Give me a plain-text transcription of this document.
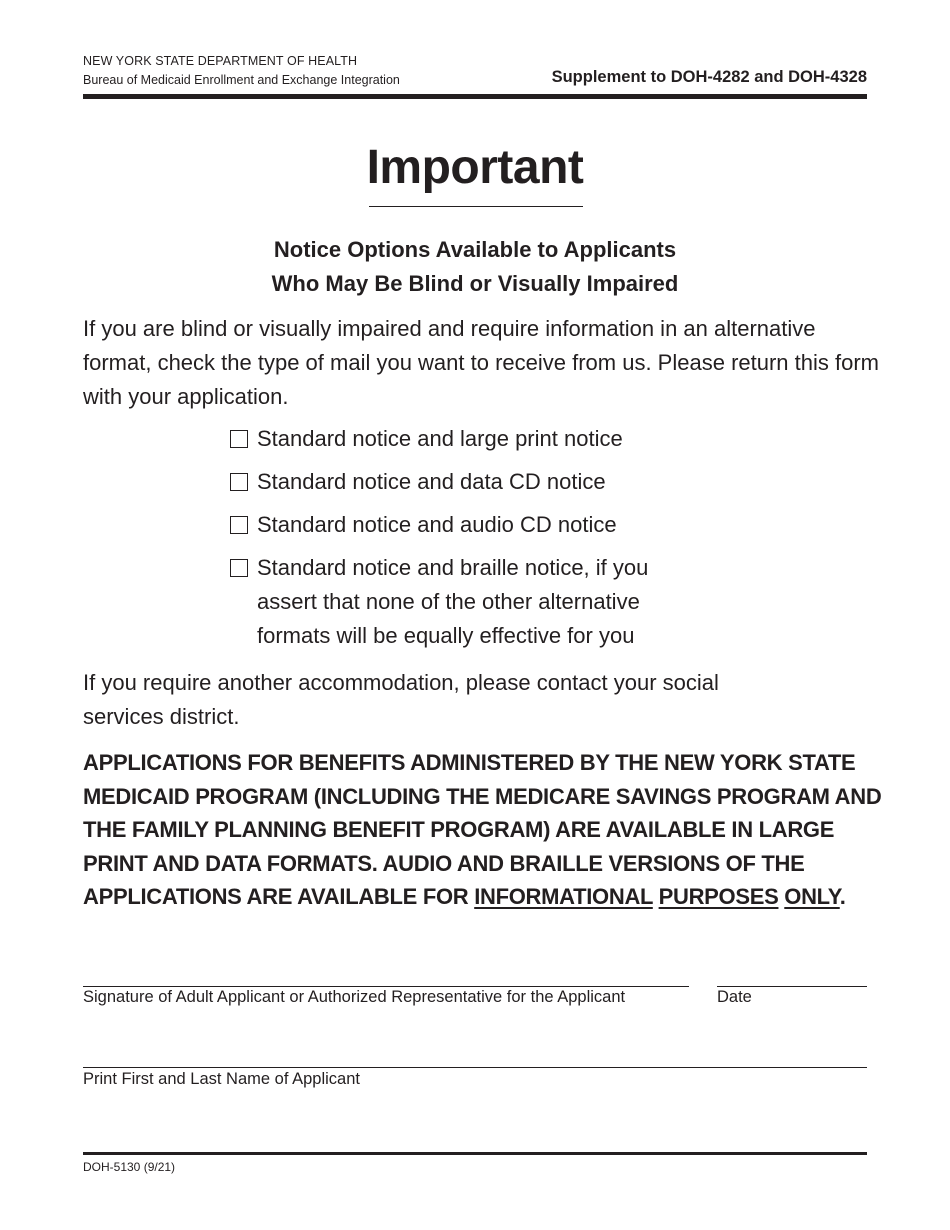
NEW YORK STATE DEPARTMENT OF HEALTH
Bureau of Medicaid Enrollment and Exchange Integration	Supplement to DOH-4282 and DOH-4328
Important
Notice Options Available to Applicants
Who May Be Blind or Visually Impaired
If you are blind or visually impaired and require information in an alternative format, check the type of mail you want to receive from us. Please return this form with your application.
Standard notice and large print notice
Standard notice and data CD notice
Standard notice and audio CD notice
Standard notice and braille notice, if you assert that none of the other alternative formats will be equally effective for you
If you require another accommodation, please contact your social services district.
APPLICATIONS FOR BENEFITS ADMINISTERED BY THE NEW YORK STATE MEDICAID PROGRAM (INCLUDING THE MEDICARE SAVINGS PROGRAM AND THE FAMILY PLANNING BENEFIT PROGRAM) ARE AVAILABLE IN LARGE PRINT AND DATA FORMATS. AUDIO AND BRAILLE VERSIONS OF THE APPLICATIONS ARE AVAILABLE FOR INFORMATIONAL PURPOSES ONLY.
Signature of Adult Applicant or Authorized Representative for the Applicant	Date
Print First and Last Name of Applicant
DOH-5130 (9/21)
